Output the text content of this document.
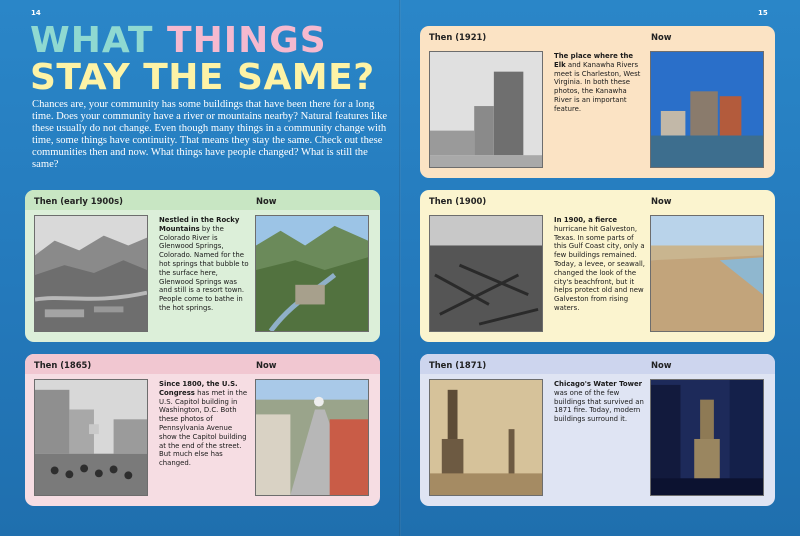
14	15
WHAT THINGS
STAY THE SAME?
Chances are, your community has some buildings that have been there for a long time. Does your community have a river or mountains nearby? Natural features like these usually do not change. Even though many things in a community change with time, some things have continuity. That means they stay the same. Check out these communities then and now. What things have people changed? What is still the same?
Then (early 1900s)	Now
Nestled in the Rocky Mountains by the Colorado River is Glenwood Springs, Colorado. Named for the hot springs that bubble to the surface here, Glenwood Springs was and still is a resort town. People come to bathe in the hot springs.
Then (1865)	Now
Since 1800, the U.S. Congress has met in the U.S. Capitol building in Washington, D.C. Both these photos of Pennsylvania Avenue show the Capitol building at the end of the street. But much else has changed.
Then (1921)	Now
The place where the Elk and Kanawha Rivers meet is Charleston, West Virginia. In both these photos, the Kanawha River is an important feature.
Then (1900)	Now
In 1900, a fierce hurricane hit Galveston, Texas. In some parts of this Gulf Coast city, only a few buildings remained. Today, a levee, or seawall, changed the look of the city's beachfront, but it helps protect old and new Galveston from rising waters.
Then (1871)	Now
Chicago's Water Tower was one of the few buildings that survived an 1871 fire. Today, modern buildings surround it.
